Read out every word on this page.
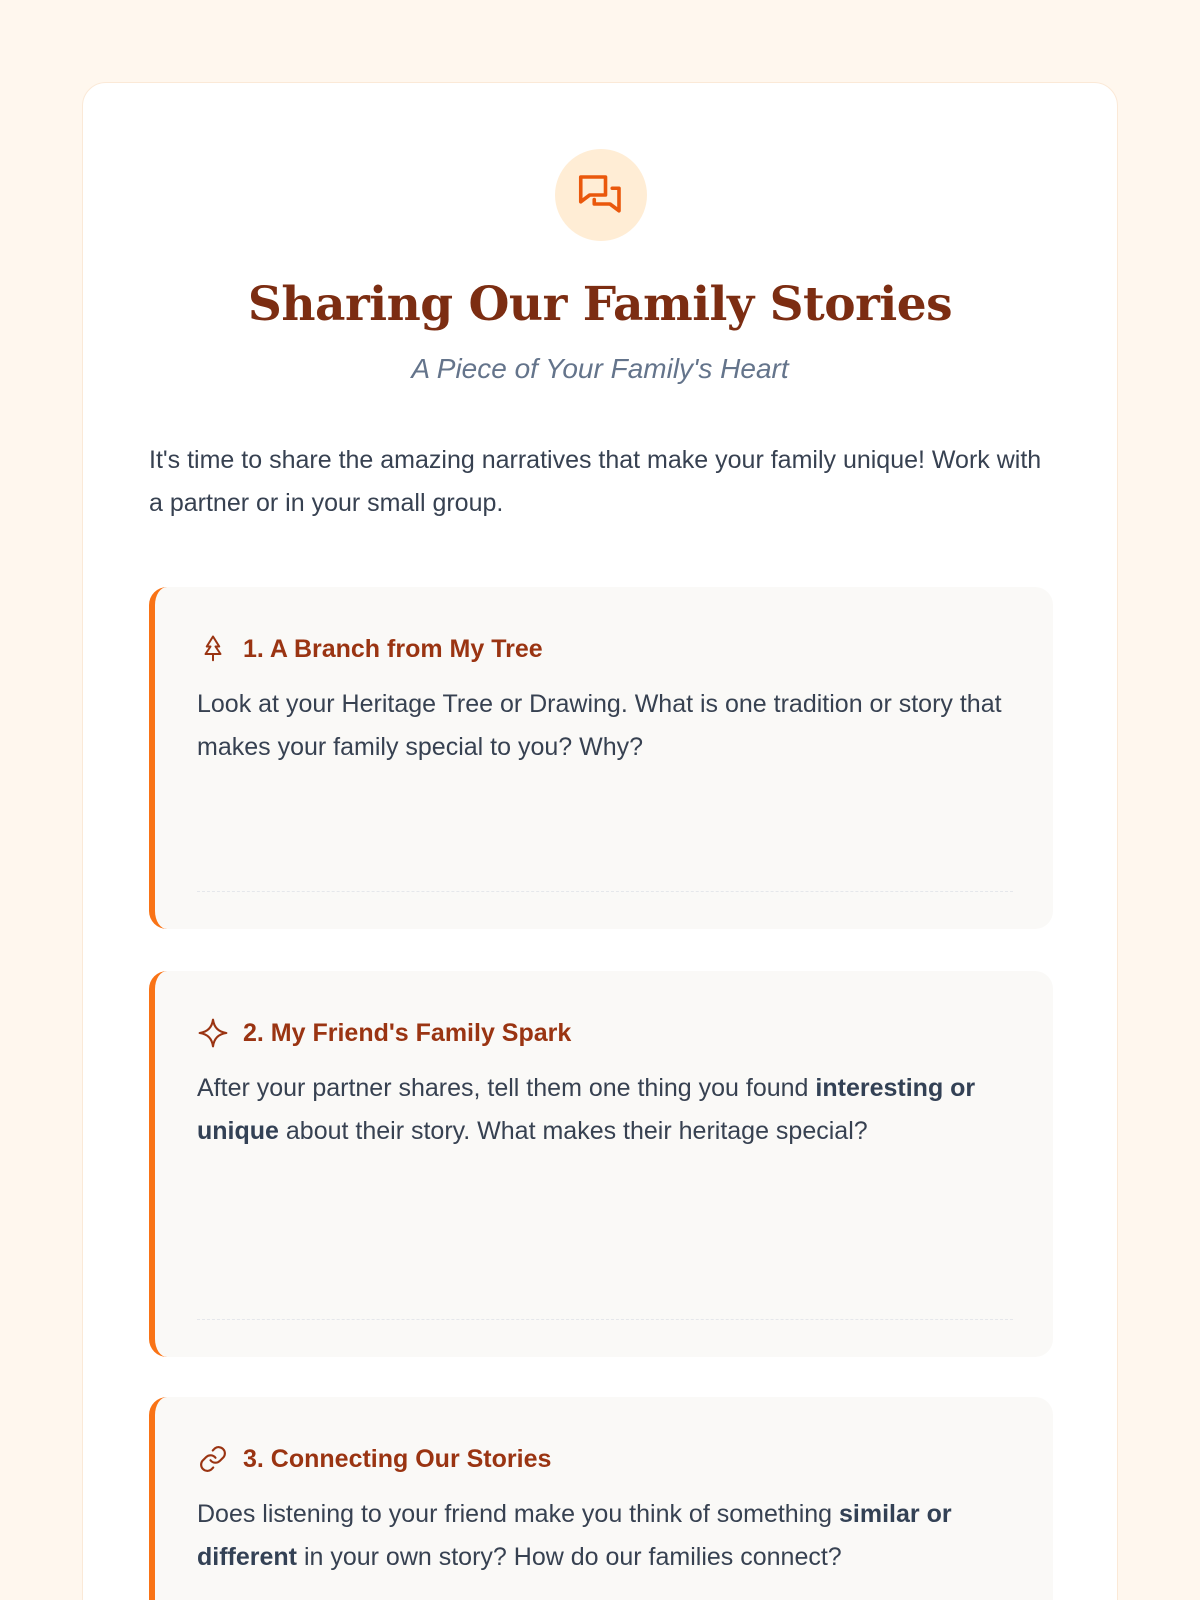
Sharing Our Family Stories

A Piece of Your Family's Heart

It's time to share the amazing narratives that make your family unique! Work with a partner or in your small group.

1. A Branch from My Tree

Look at your Heritage Tree or Drawing. What is one tradition or story that makes your family special to you? Why?

2. My Friend's Family Spark

After your partner shares, tell them one thing you found interesting or unique about their story. What makes their heritage special?

3. Connecting Our Stories

Does listening to your friend make you think of something similar or different in your own story? How do our families connect?
